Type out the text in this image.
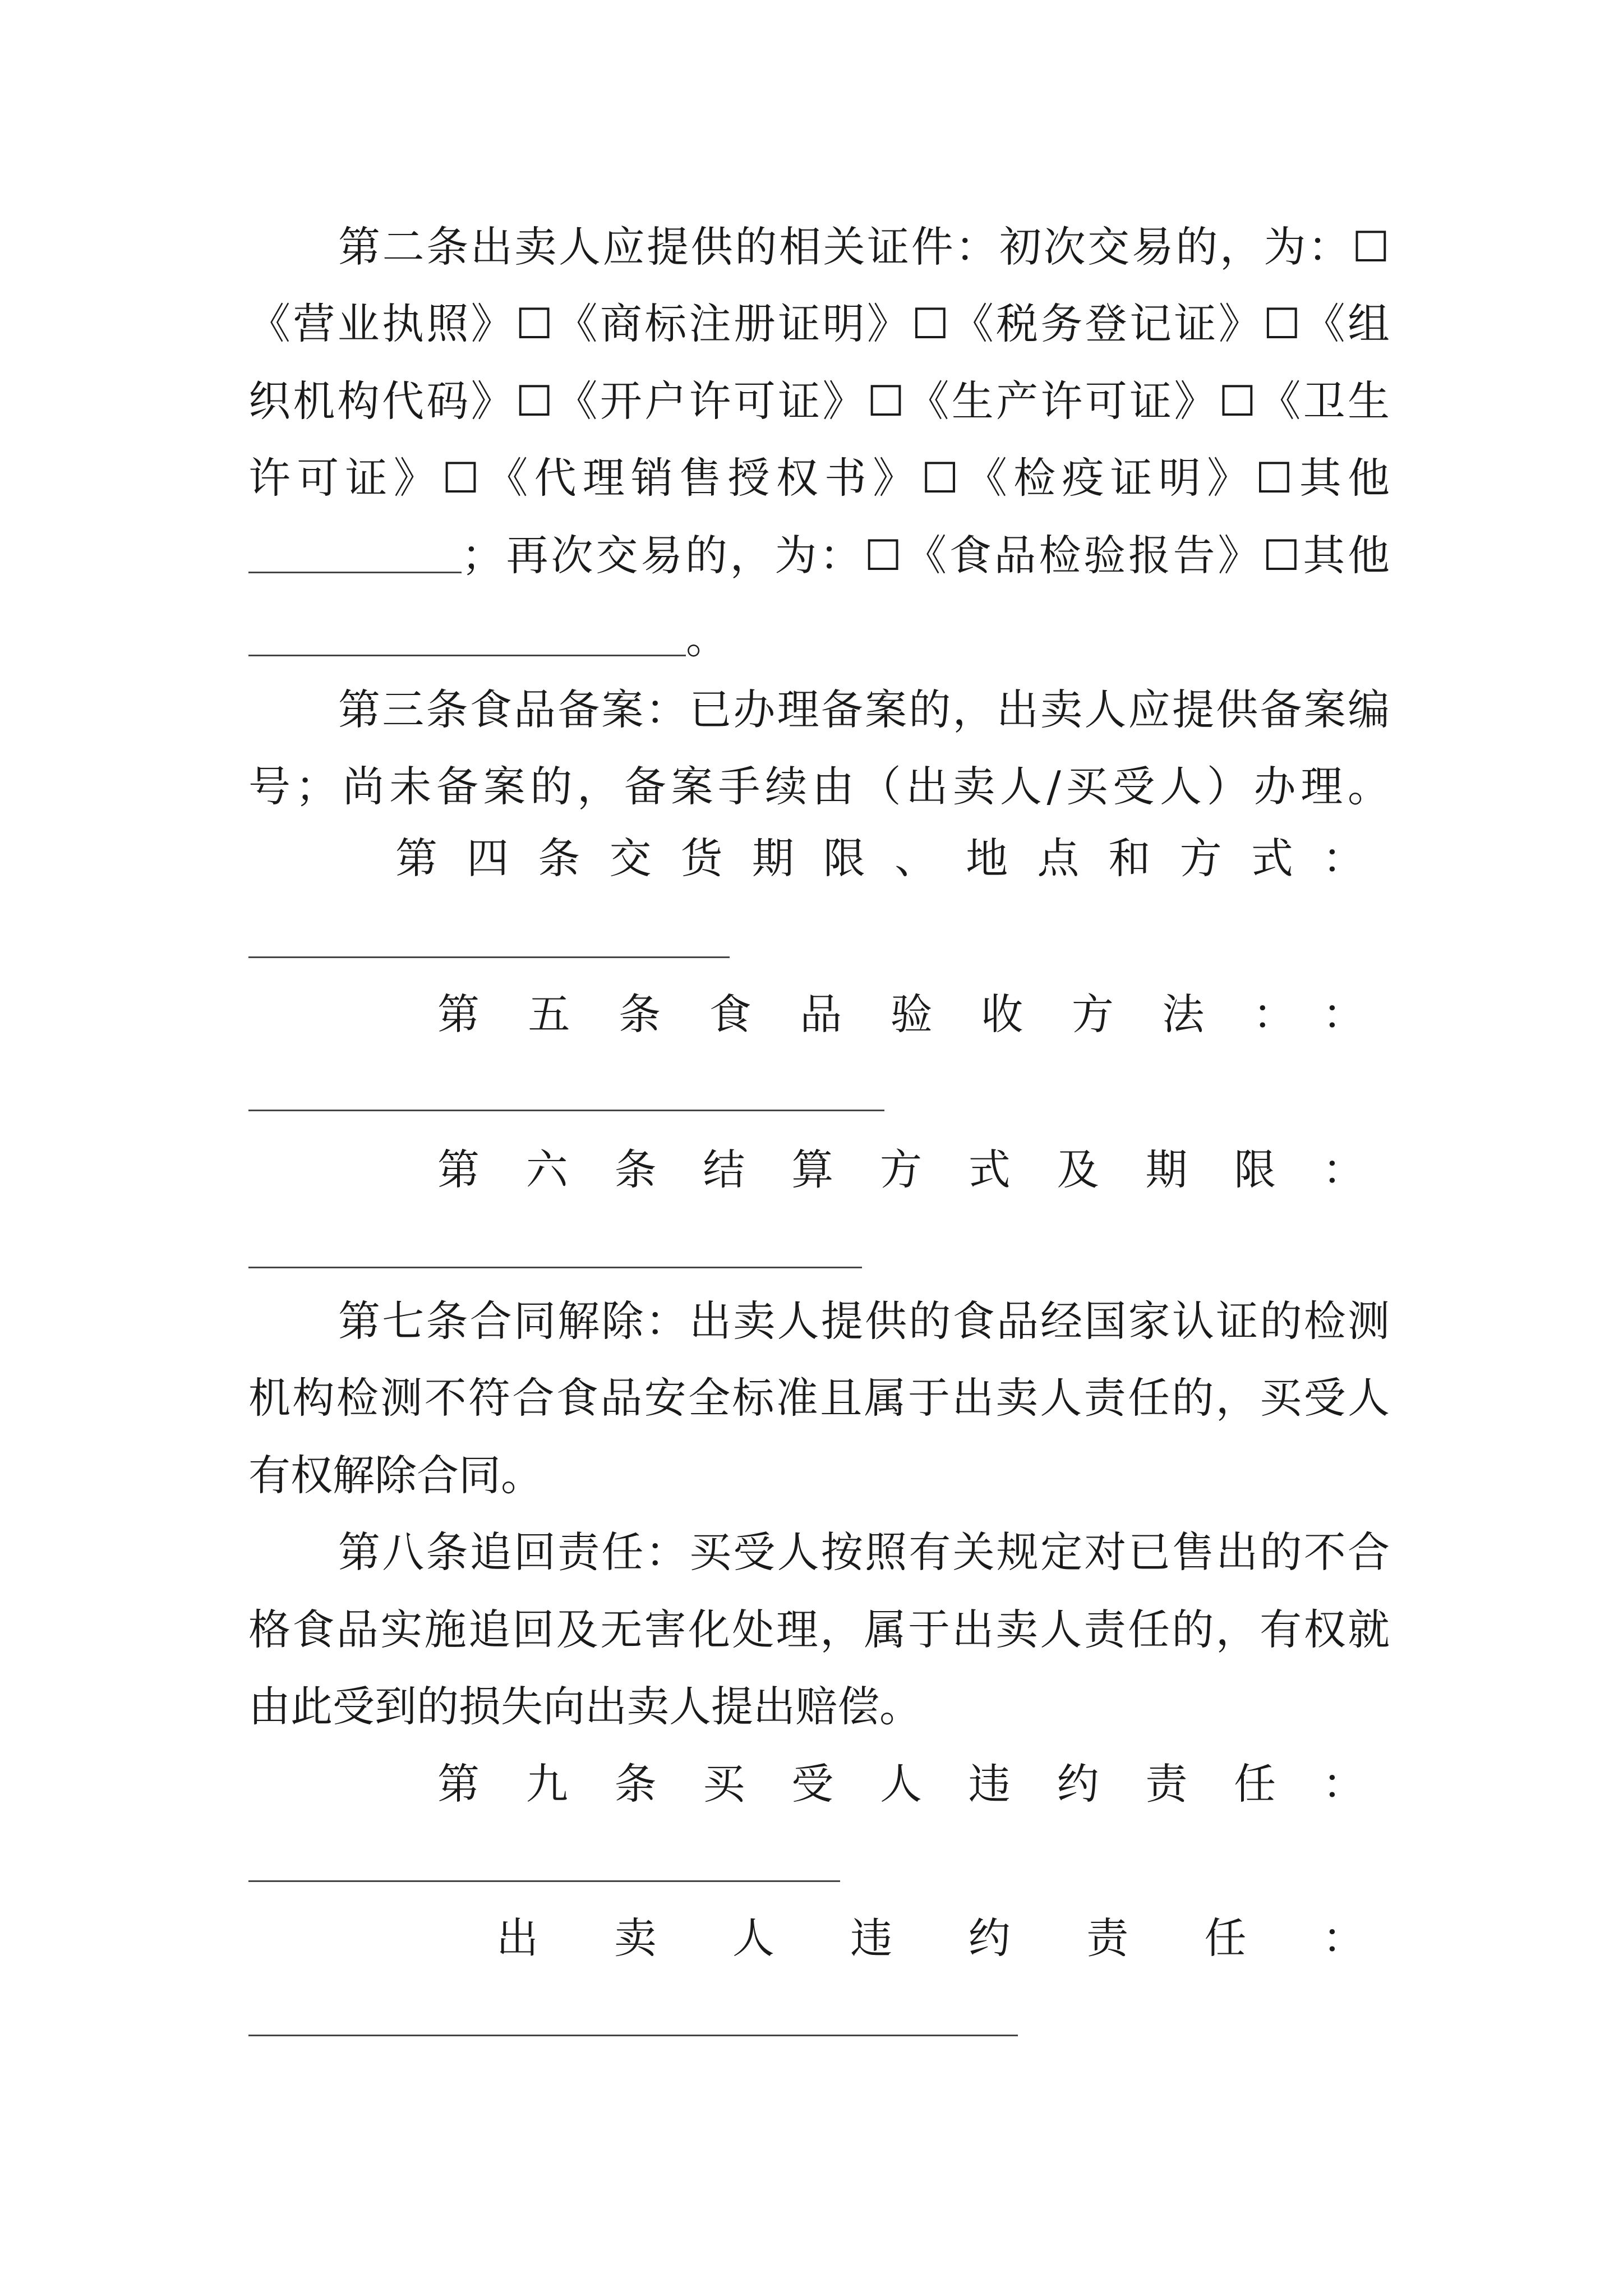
第二条出卖人应提供的相关证件：初次交易的，为：☐
《营业执照》☐《商标注册证明》☐《税务登记证》☐《组
织机构代码》☐《开户许可证》☐《生产许可证》☐《卫生
许可证》☐《代理销售授权书》☐《检疫证明》☐其他
；再次交易的，为：☐《食品检验报告》☐其他
。
第三条食品备案：已办理备案的，出卖人应提供备案编
号；尚未备案的，备案手续由（出卖人/买受人）办理。
第四条交货期限、地点和方式：
第五条食品验收方法：：
第六条结算方式及期限：
第七条合同解除：出卖人提供的食品经国家认证的检测
机构检测不符合食品安全标准且属于出卖人责任的，买受人
有权解除合同。
第八条追回责任：买受人按照有关规定对已售出的不合
格食品实施追回及无害化处理，属于出卖人责任的，有权就
由此受到的损失向出卖人提出赔偿。
第九条买受人违约责任：
出卖人违约责任：
